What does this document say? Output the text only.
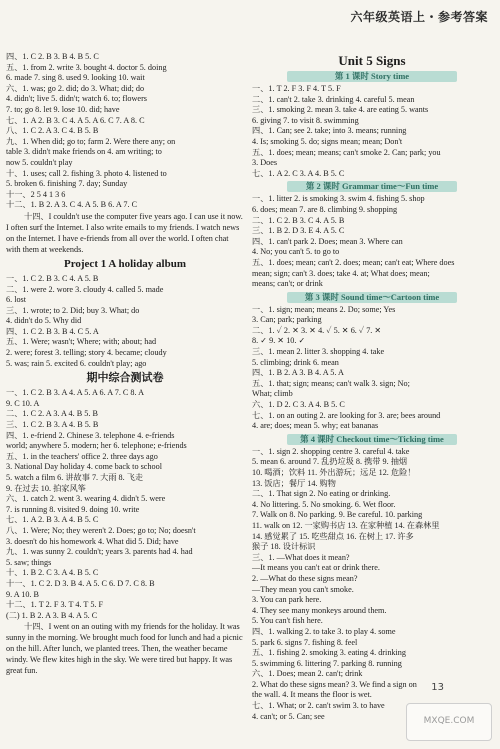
六年级英语上・参考答案
四、1. C 2. B 3. B 4. B 5. C
五、1. from 2. write 3. bought 4. doctor 5. doing
6. made 7. sing 8. used 9. looking 10. wait
六、1. was; go 2. did; do 3. What; did; do
4. didn't; live 5. didn't; watch 6. to; flowers
7. to; go 8. let 9. lose 10. did; have
七、1. A 2. B 3. C 4. A 5. A 6. C 7. A 8. C
八、1. C 2. A 3. C 4. B 5. B
九、1. When did; go to; farm 2. Were there any; on
table 3. didn't make friends on 4. am writing; to
now 5. couldn't play
十、1. uses; call 2. fishing 3. photo 4. listened to
5. broken 6. finishing 7. day; Sunday
十一、2 5 4 1 3 6
十二、1. B 2. A 3. C 4. A 5. B 6. A 7. C
十四、I couldn't use the computer five years ago. I can use it now. I often surf the Internet. I also write emails to my friends. I watch news on the Internet. I have e-friends from all over the world. I often chat with them at weekends.
Project 1 A holiday album
一、1. C 2. B 3. C 4. A 5. B
二、1. were 2. wore 3. cloudy 4. called 5. made
6. lost
三、1. wrote; to 2. Did; buy 3. What; do
4. didn't do 5. Why did
四、1. C 2. B 3. B 4. C 5. A
五、1. Were; wasn't; Where; with; about; had
2. were; forest 3. telling; story 4. became; cloudy
5. was; rain 5. excited 6. couldn't play; ago
期中综合测试卷
一、1. C 2. B 3. A 4. A 5. A 6. A 7. C 8. A
9. C 10. A
二、1. C 2. A 3. A 4. B 5. B
三、1. C 2. B 3. A 4. B 5. B
四、1. e-friend 2. Chinese 3. telephone 4. e-friends
world; anywhere 5. modern; her 6. telephone; e-friends
五、1. in the teachers' office 2. three days ago
3. National Day holiday 4. come back to school
5. watch a film 6. 讲故事 7. 大雨 8. 飞走
9. 在过去 10. 拍家风筝
六、1. catch 2. went 3. wearing 4. didn't 5. were
7. is running 8. visited 9. doing 10. write
七、1. A 2. B 3. A 4. B 5. C
八、1. Were; No; they weren't 2. Does; go to; No; doesn't
3. doesn't do his homework 4. What did 5. Did; have
九、1. was sunny 2. couldn't; years 3. parents had 4. had
5. saw; things
十、1. B 2. C 3. A 4. B 5. C
十一、1. C 2. D 3. B 4. A 5. C 6. D 7. C 8. B
9. A 10. B
十二、1. T 2. F 3. T 4. T 5. F
(二) 1. B 2. A 3. B 4. A 5. C
十四、I went on an outing with my friends for the holiday. It was sunny in the morning. We brought much food for lunch and had a picnic on the hill. After lunch, we planted trees. Then, the weather became windy. We flew kites high in the sky. We were tired but happy. It was great fun.
Unit 5 Signs
第 1 课时 Story time
一、1. T 2. F 3. F 4. T 5. F
二、1. can't 2. take 3. drinking 4. careful 5. mean
三、1. smoking 2. mean 3. take 4. are eating 5. wants
6. giving 7. to visit 8. swimming
四、1. Can; see 2. take; into 3. means; running
4. Is; smoking 5. do; signs mean; mean; Don't
五、1. does; mean; means; can't smoke 2. Can; park; you
3. Does
七、1. A 2. C 3. A 4. B 5. C
第 2 课时 Grammar time～Fun time
一、1. litter 2. is smoking 3. swim 4. fishing 5. shop
6. does; mean 7. are 8. climbing 9. shopping
二、1. C 2. B 3. C 4. A 5. B
三、1. B 2. D 3. E 4. A 5. C
四、1. can't park 2. Does; mean 3. Where can
4. No; you can't 5. to go to
五、1. does; mean; can't 2. does; mean; can't eat; Where does
mean; sign; can't 3. does; take 4. at; What does; mean;
means; can't; or drink
第 3 课时 Sound time～Cartoon time
一、1. sign; mean; means 2. Do; some; Yes
3. Can; park; parking
二、1. ✓ 2. ✕ 3. ✕ 4. ✓ 5. ✕ 6. ✓ 7. ✕
8. ✓ 9. ✕ 10. ✓
三、1. mean 2. litter 3. shopping 4. take
5. climbing; drink 6. mean
四、1. B 2. A 3. B 4. A 5. A
五、1. that; sign; means; can't walk 3. sign; No;
What; climb
六、1. D 2. C 3. A 4. B 5. C
七、1. on an outing 2. are looking for 3. are; bees around
4. are; does; mean 5. why; eat bananas
第 4 课时 Checkout time～Ticking time
一、1. sign 2. shopping centre 3. careful 4. take
5. mean 6. around 7. 乱扔垃圾 8. 携带 9. 抽烟
10. 喝酒；饮料 11. 外出游玩；远足 12. 危险！
13. 饭店；餐厅 14. 购物
二、1. That sign 2. No eating or drinking.
4. No littering. 5. No smoking. 6. Wet floor.
7. Walk on 8. No parking. 9. Be careful. 10. parking
11. walk on 12. 一家购书店 13. 在家种植 14. 在森林里
14. 感觉累了 15. 吃些甜点 16. 在树上 17. 许多
猴子 18. 设计标识
三、1. —What does it mean?
—It means you can't eat or drink there.
2. —What do these signs mean?
—They mean you can't smoke.
3. You can park here.
4. They see many monkeys around them.
5. You can't fish here.
四、1. walking 2. to take 3. to play 4. some
5. park 6. signs 7. fishing 8. feel
五、1. fishing 2. smoking 3. eating 4. drinking
5. swimming 6. littering 7. parking 8. running
六、1. Does; mean 2. can't; drink
2. What do these signs mean? 3. We find a sign on
the wall. 4. It means the floor is wet.
七、1. What; or 2. can't swim 3. to have
4. can't; or 5. Can; see
13
MXQE.COM
